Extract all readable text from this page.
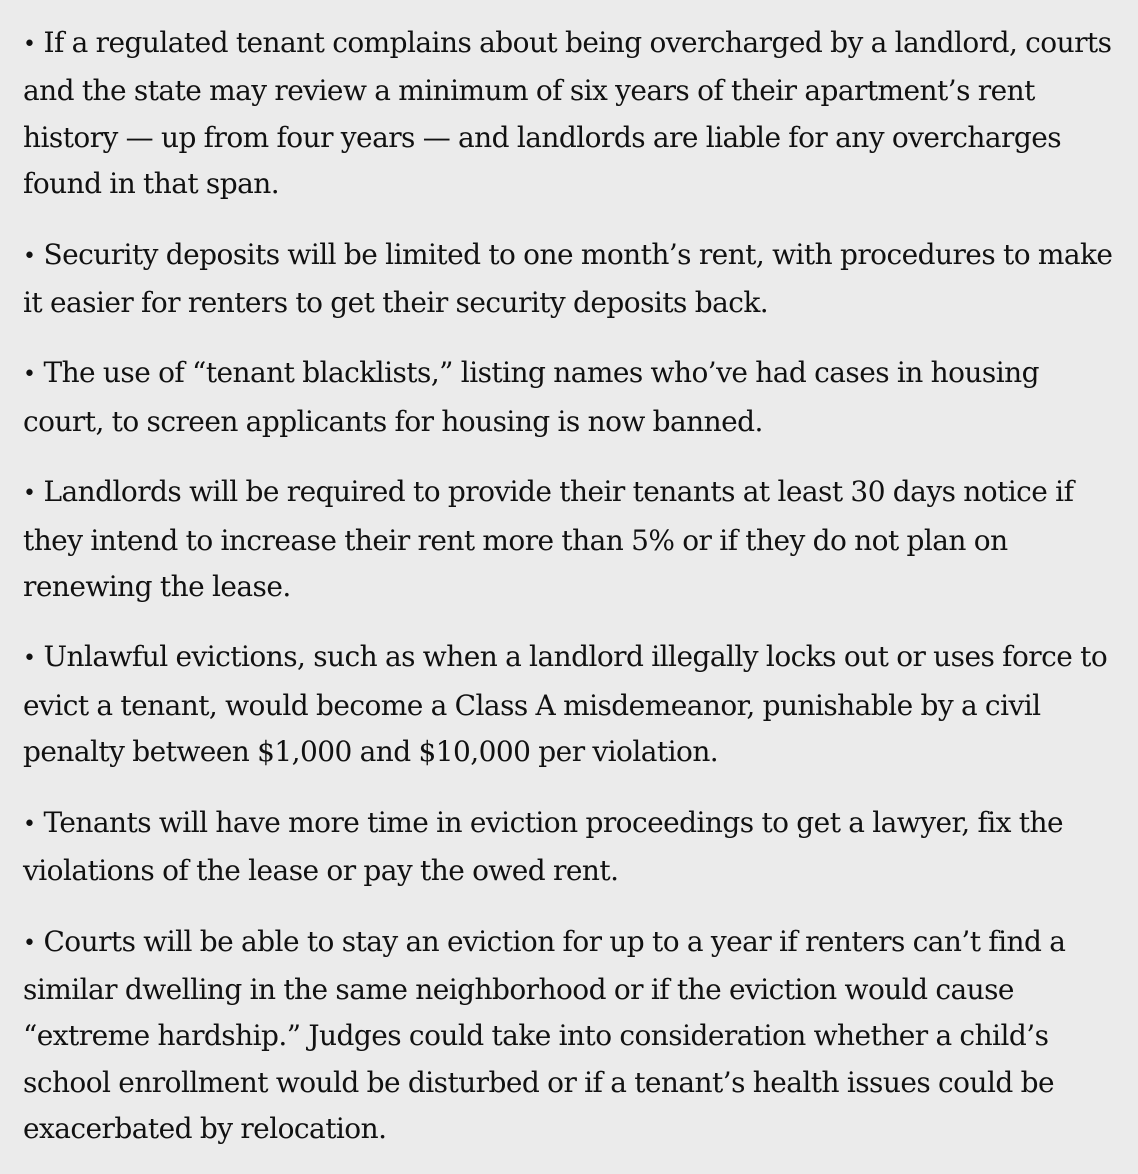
• If a regulated tenant complains about being overcharged by a landlord, courts and the state may review a minimum of six years of their apartment’s rent history — up from four years — and landlords are liable for any overcharges found in that span.

• Security deposits will be limited to one month’s rent, with procedures to make it easier for renters to get their security deposits back.

• The use of “tenant blacklists,” listing names who’ve had cases in housing court, to screen applicants for housing is now banned.

• Landlords will be required to provide their tenants at least 30 days notice if they intend to increase their rent more than 5% or if they do not plan on renewing the lease.

• Unlawful evictions, such as when a landlord illegally locks out or uses force to evict a tenant, would become a Class A misdemeanor, punishable by a civil penalty between $1,000 and $10,000 per violation.

• Tenants will have more time in eviction proceedings to get a lawyer, fix the violations of the lease or pay the owed rent.

• Courts will be able to stay an eviction for up to a year if renters can’t find a similar dwelling in the same neighborhood or if the eviction would cause “extreme hardship.” Judges could take into consideration whether a child’s school enrollment would be disturbed or if a tenant’s health issues could be exacerbated by relocation.
